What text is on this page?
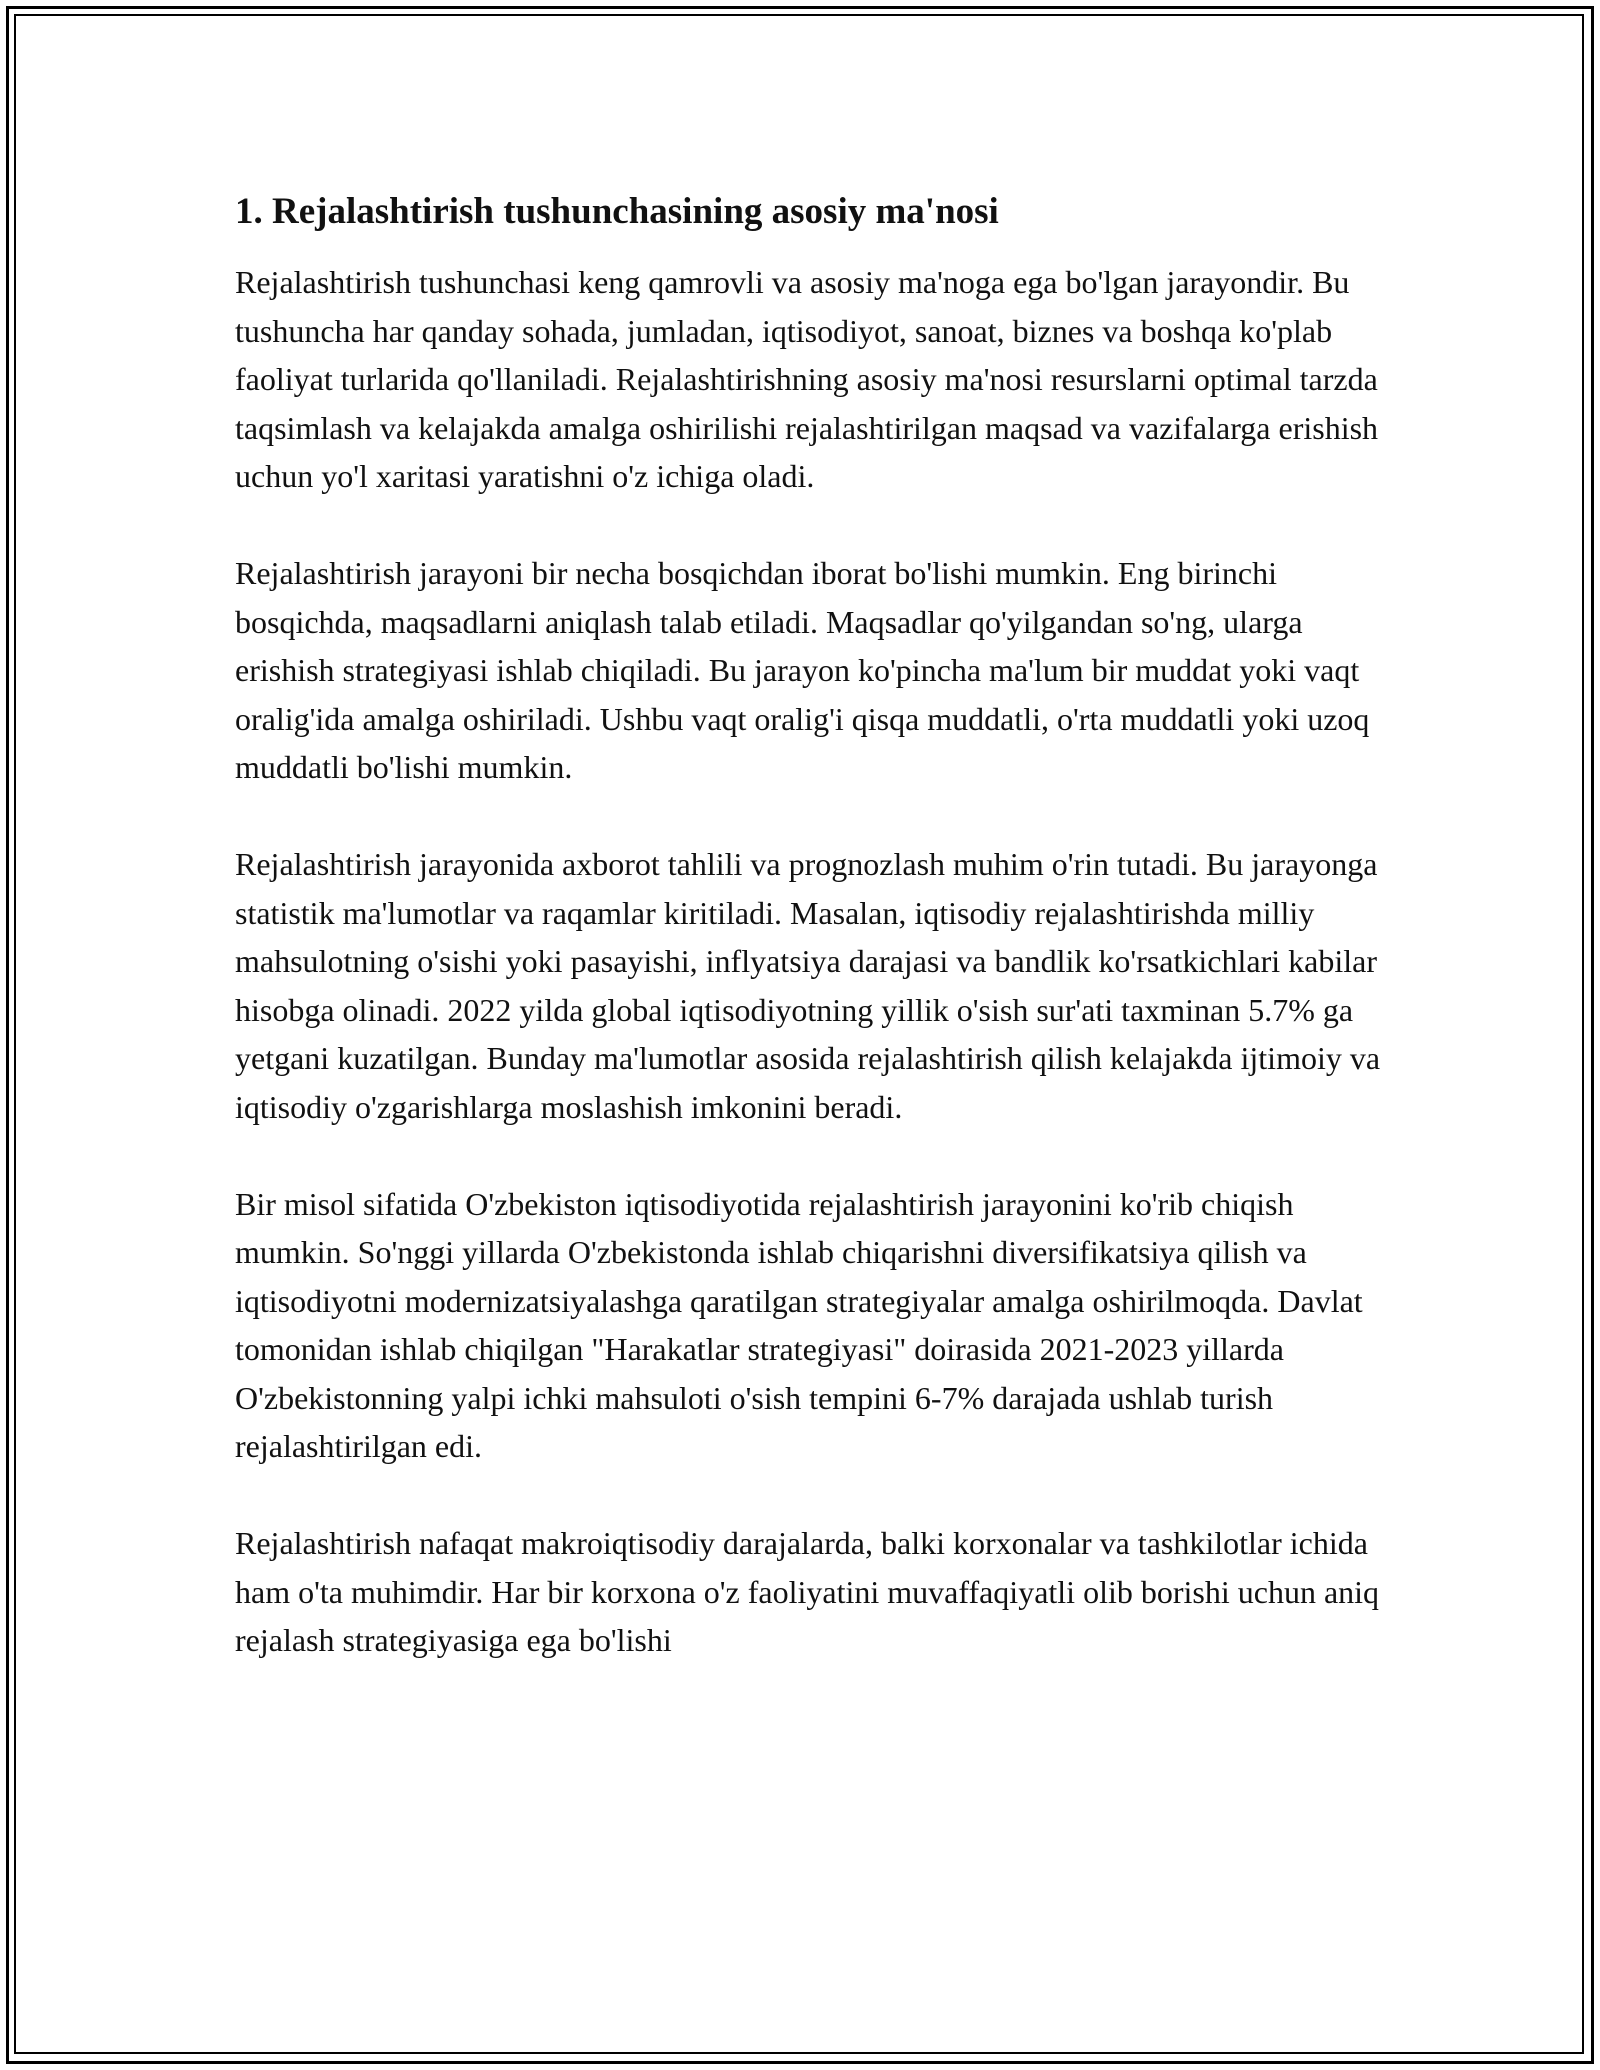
1. Rejalashtirish tushunchasining asosiy ma'nosi

Rejalashtirish tushunchasi keng qamrovli va asosiy ma'noga ega bo'lgan jarayondir. Bu tushuncha har qanday sohada, jumladan, iqtisodiyot, sanoat, biznes va boshqa ko'plab faoliyat turlarida qo'llaniladi. Rejalashtirishning asosiy ma'nosi resurslarni optimal tarzda taqsimlash va kelajakda amalga oshirilishi rejalashtirilgan maqsad va vazifalarga erishish uchun yo'l xaritasi yaratishni o'z ichiga oladi.

Rejalashtirish jarayoni bir necha bosqichdan iborat bo'lishi mumkin. Eng birinchi bosqichda, maqsadlarni aniqlash talab etiladi. Maqsadlar qo'yilgandan so'ng, ularga erishish strategiyasi ishlab chiqiladi. Bu jarayon ko'pincha ma'lum bir muddat yoki vaqt oralig'ida amalga oshiriladi. Ushbu vaqt oralig'i qisqa muddatli, o'rta muddatli yoki uzoq muddatli bo'lishi mumkin.

Rejalashtirish jarayonida axborot tahlili va prognozlash muhim o'rin tutadi. Bu jarayonga statistik ma'lumotlar va raqamlar kiritiladi. Masalan, iqtisodiy rejalashtirishda milliy mahsulotning o'sishi yoki pasayishi, inflyatsiya darajasi va bandlik ko'rsatkichlari kabilar hisobga olinadi. 2022 yilda global iqtisodiyotning yillik o'sish sur'ati taxminan 5.7% ga yetgani kuzatilgan. Bunday ma'lumotlar asosida rejalashtirish qilish kelajakda ijtimoiy va iqtisodiy o'zgarishlarga moslashish imkonini beradi.

Bir misol sifatida O'zbekiston iqtisodiyotida rejalashtirish jarayonini ko'rib chiqish mumkin. So'nggi yillarda O'zbekistonda ishlab chiqarishni diversifikatsiya qilish va iqtisodiyotni modernizatsiyalashga qaratilgan strategiyalar amalga oshirilmoqda. Davlat tomonidan ishlab chiqilgan "Harakatlar strategiyasi" doirasida 2021-2023 yillarda O'zbekistonning yalpi ichki mahsuloti o'sish tempini 6-7% darajada ushlab turish rejalashtirilgan edi.

Rejalashtirish nafaqat makroiqtisodiy darajalarda, balki korxonalar va tashkilotlar ichida ham o'ta muhimdir. Har bir korxona o'z faoliyatini muvaffaqiyatli olib borishi uchun aniq rejalash strategiyasiga ega bo'lishi
